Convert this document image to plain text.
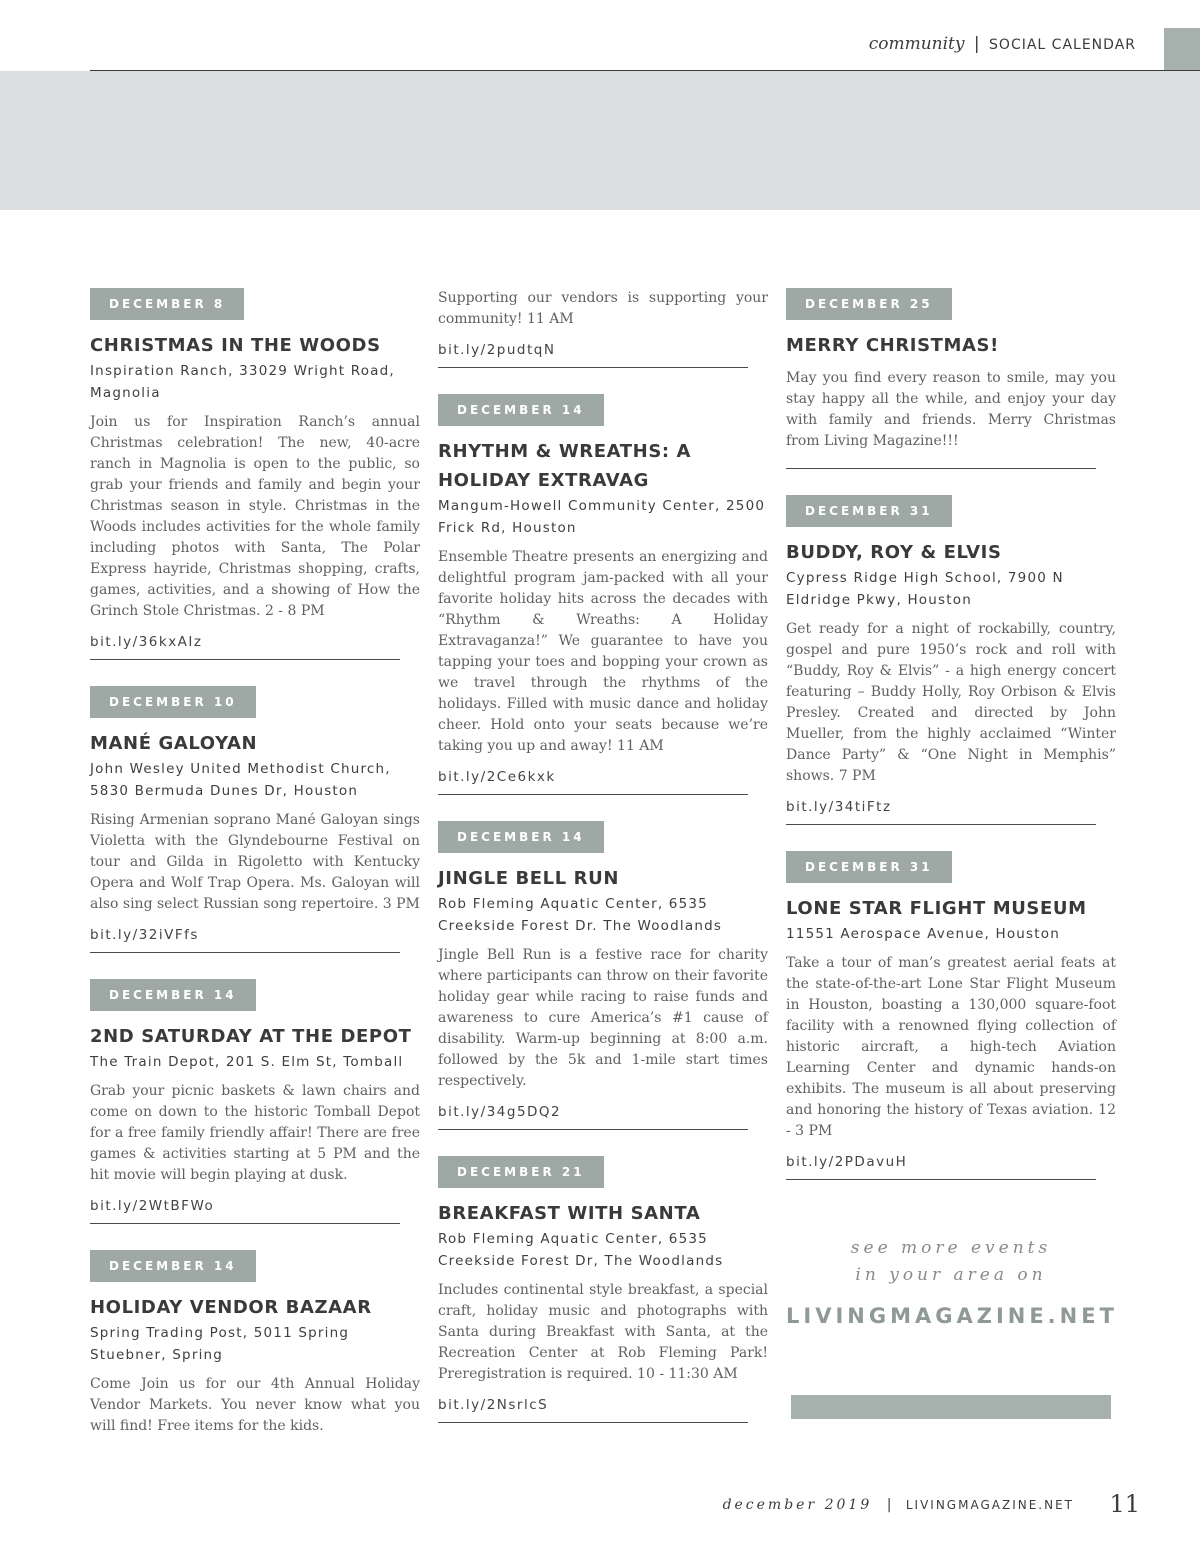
community | SOCIAL CALENDAR
DECEMBER 8
CHRISTMAS IN THE WOODS
Inspiration Ranch, 33029 Wright Road, Magnolia
Join us for Inspiration Ranch’s annual Christmas celebration! The new, 40-acre ranch in Magnolia is open to the public, so grab your friends and family and begin your Christmas season in style. Christmas in the Woods includes activities for the whole family including photos with Santa, The Polar Express hayride, Christmas shopping, crafts, games, activities, and a showing of How the Grinch Stole Christmas. 2 - 8 PM
bit.ly/36kxAIz
DECEMBER 10
MANÉ GALOYAN
John Wesley United Methodist Church, 5830 Bermuda Dunes Dr, Houston
Rising Armenian soprano Mané Galoyan sings Violetta with the Glyndebourne Festival on tour and Gilda in Rigoletto with Kentucky Opera and Wolf Trap Opera. Ms. Galoyan will also sing select Russian song repertoire. 3 PM
bit.ly/32iVFfs
DECEMBER 14
2ND SATURDAY AT THE DEPOT
The Train Depot, 201 S. Elm St, Tomball
Grab your picnic baskets & lawn chairs and come on down to the historic Tomball Depot for a free family friendly affair! There are free games & activities starting at 5 PM and the hit movie will begin playing at dusk.
bit.ly/2WtBFWo
DECEMBER 14
HOLIDAY VENDOR BAZAAR
Spring Trading Post, 5011 Spring Stuebner, Spring
Come Join us for our 4th Annual Holiday Vendor Markets. You never know what you will find! Free items for the kids.
Supporting our vendors is supporting your community! 11 AM
bit.ly/2pudtqN
DECEMBER 14
RHYTHM & WREATHS: A HOLIDAY EXTRAVAG
Mangum-Howell Community Center, 2500 Frick Rd, Houston
Ensemble Theatre presents an energizing and delightful program jam-packed with all your favorite holiday hits across the decades with “Rhythm & Wreaths: A Holiday Extravaganza!” We guarantee to have you tapping your toes and bopping your crown as we travel through the rhythms of the holidays. Filled with music dance and holiday cheer. Hold onto your seats because we’re taking you up and away! 11 AM
bit.ly/2Ce6kxk
DECEMBER 14
JINGLE BELL RUN
Rob Fleming Aquatic Center, 6535 Creekside Forest Dr. The Woodlands
Jingle Bell Run is a festive race for charity where participants can throw on their favorite holiday gear while racing to raise funds and awareness to cure America’s #1 cause of disability. Warm-up beginning at 8:00 a.m. followed by the 5k and 1-mile start times respectively.
bit.ly/34g5DQ2
DECEMBER 21
BREAKFAST WITH SANTA
Rob Fleming Aquatic Center, 6535 Creekside Forest Dr, The Woodlands
Includes continental style breakfast, a special craft, holiday music and photographs with Santa during Breakfast with Santa, at the Recreation Center at Rob Fleming Park! Preregistration is required. 10 - 11:30 AM
bit.ly/2NsrlcS
DECEMBER 25
MERRY CHRISTMAS!
May you find every reason to smile, may you stay happy all the while, and enjoy your day with family and friends. Merry Christmas from Living Magazine!!!
DECEMBER 31
BUDDY, ROY & ELVIS
Cypress Ridge High School, 7900 N Eldridge Pkwy, Houston
Get ready for a night of rockabilly, country, gospel and pure 1950’s rock and roll with “Buddy, Roy & Elvis” - a high energy concert featuring – Buddy Holly, Roy Orbison & Elvis Presley. Created and directed by John Mueller, from the highly acclaimed “Winter Dance Party” & “One Night in Memphis” shows. 7 PM
bit.ly/34tiFtz
DECEMBER 31
LONE STAR FLIGHT MUSEUM
11551 Aerospace Avenue, Houston
Take a tour of man’s greatest aerial feats at the state-of-the-art Lone Star Flight Museum in Houston, boasting a 130,000 square-foot facility with a renowned flying collection of historic aircraft, a high-tech Aviation Learning Center and dynamic hands-on exhibits. The museum is all about preserving and honoring the history of Texas aviation. 12 - 3 PM
bit.ly/2PDavuH
see more events
in your area on
LIVINGMAGAZINE.NET
december 2019 | LIVINGMAGAZINE.NET 11
